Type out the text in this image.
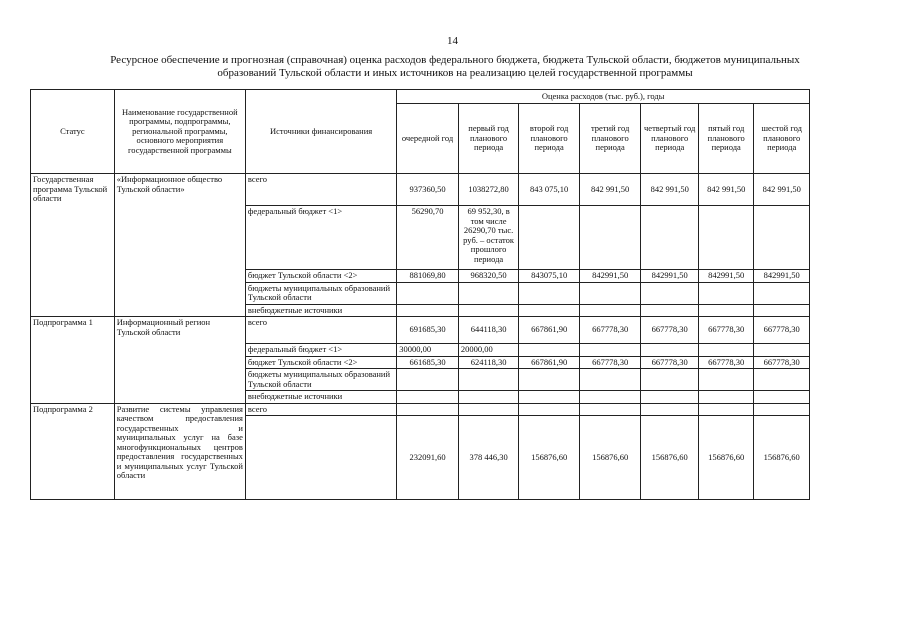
14
Ресурсное обеспечение и прогнозная (справочная) оценка расходов федерального бюджета, бюджета Тульской области, бюджетов муниципальных образований Тульской области и иных источников на реализацию целей государственной программы
Статус	Наименование государственной программы, подпрограммы, региональной программы, основного мероприятия государственной программы	Источники финансирования	Оценка расходов (тыс. руб.), годы						
			очередной год	первый год планового периода	второй год планового периода	третий год планового периода	четвертый год планового периода	пятый год планового периода	шестой год планового периода
Государственная программа Тульской области	«Информационное общество Тульской области»	всего	937360,50	1038272,80	843 075,10	842 991,50	842 991,50	842 991,50	842 991,50
		федеральный бюджет <1>	56290,70	69 952,30, в том числе 26290,70 тыс. руб. – остаток прошлого периода					
		бюджет Тульской области <2>	881069,80	968320,50	843075,10	842991,50	842991,50	842991,50	842991,50
		бюджеты муниципальных образований Тульской области							
		внебюджетные источники							
Подпрограмма 1	Информационный регион Тульской области	всего	691685,30	644118,30	667861,90	667778,30	667778,30	667778,30	667778,30
		федеральный бюджет <1>	30000,00	20000,00					
		бюджет Тульской области <2>	661685,30	624118,30	667861,90	667778,30	667778,30	667778,30	667778,30
		бюджеты муниципальных образований Тульской области							
		внебюджетные источники							
Подпрограмма 2	Развитие системы управления качеством предоставления государственных и муниципальных услуг на базе многофункциональных центров предоставления государственных и муниципальных услуг Тульской области	всего							
			232091,60	378 446,30	156876,60	156876,60	156876,60	156876,60	156876,60
